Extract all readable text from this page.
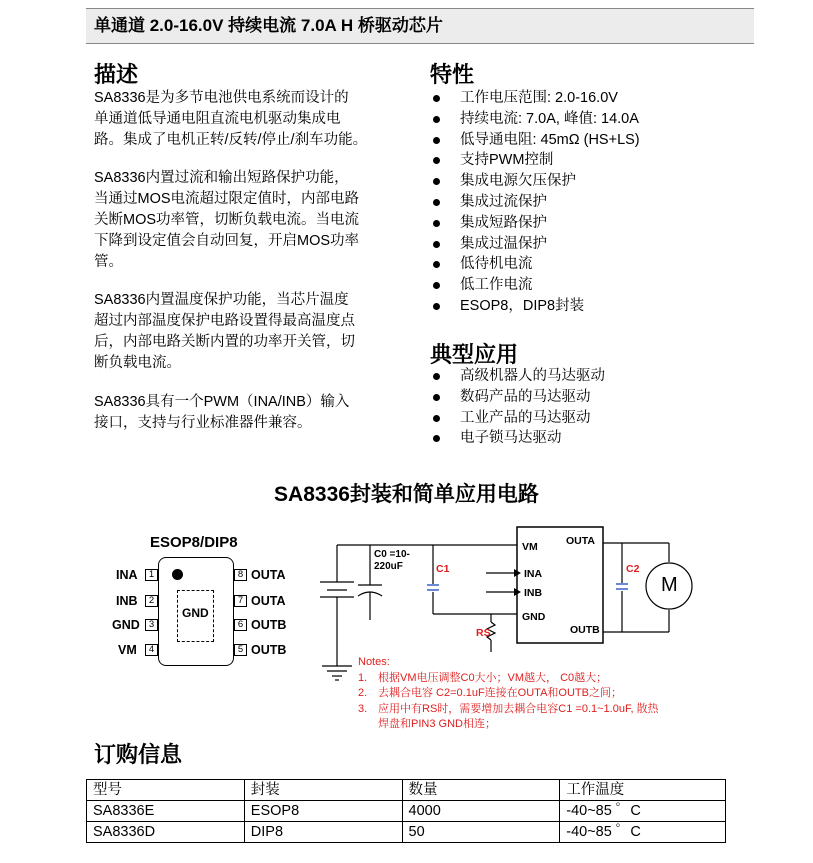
单通道 2.0-16.0V 持续电流 7.0A H 桥驱动芯片
描述
SA8336是为多节电池供电系统而设计的
单通道低导通电阻直流电机驱动集成电
路。集成了电机正转/反转/停止/刹车功能。
SA8336内置过流和输出短路保护功能，
当通过MOS电流超过限定值时，内部电路
关断MOS功率管，切断负载电流。当电流
下降到设定值会自动回复，开启MOS功率
管。
SA8336内置温度保护功能，当芯片温度
超过内部温度保护电路设置得最高温度点
后，内部电路关断内置的功率开关管，切
断负载电流。
SA8336具有一个PWM（INA/INB）输入
接口，支持与行业标准器件兼容。
特性
工作电压范围: 2.0-16.0V
持续电流: 7.0A, 峰值: 14.0A
低导通电阻: 45mΩ (HS+LS)
支持PWM控制
集成电源欠压保护
集成过流保护
集成短路保护
集成过温保护
低待机电流
低工作电流
ESOP8，DIP8封装
典型应用
高级机器人的马达驱动
数码产品的马达驱动
工业产品的马达驱动
电子锁马达驱动
SA8336封装和简单应用电路
ESOP8/DIP8
GND
INA	1
INB	2
GND 3
VM	4
8 OUTA
7 OUTA
6 OUTB
5 OUTB
C0 =10-
220uF	C1	C2
RS
VM
INA
INB
GND
OUTA
OUTB
M
Notes:
1. 根据VM电压调整C0大小；VM越大， C0越大；
2. 去耦合电容 C2=0.1uF连接在OUTA和OUTB之间；
3. 应用中有RS时，需要增加去耦合电容C1 =0.1~1.0uF, 散热
焊盘和PIN3 GND相连；
订购信息
型号	封装	数量	工作温度
SA8336E	ESOP8	4000	-40~85 ゜C
SA8336D	DIP8	50	-40~85 ゜C
